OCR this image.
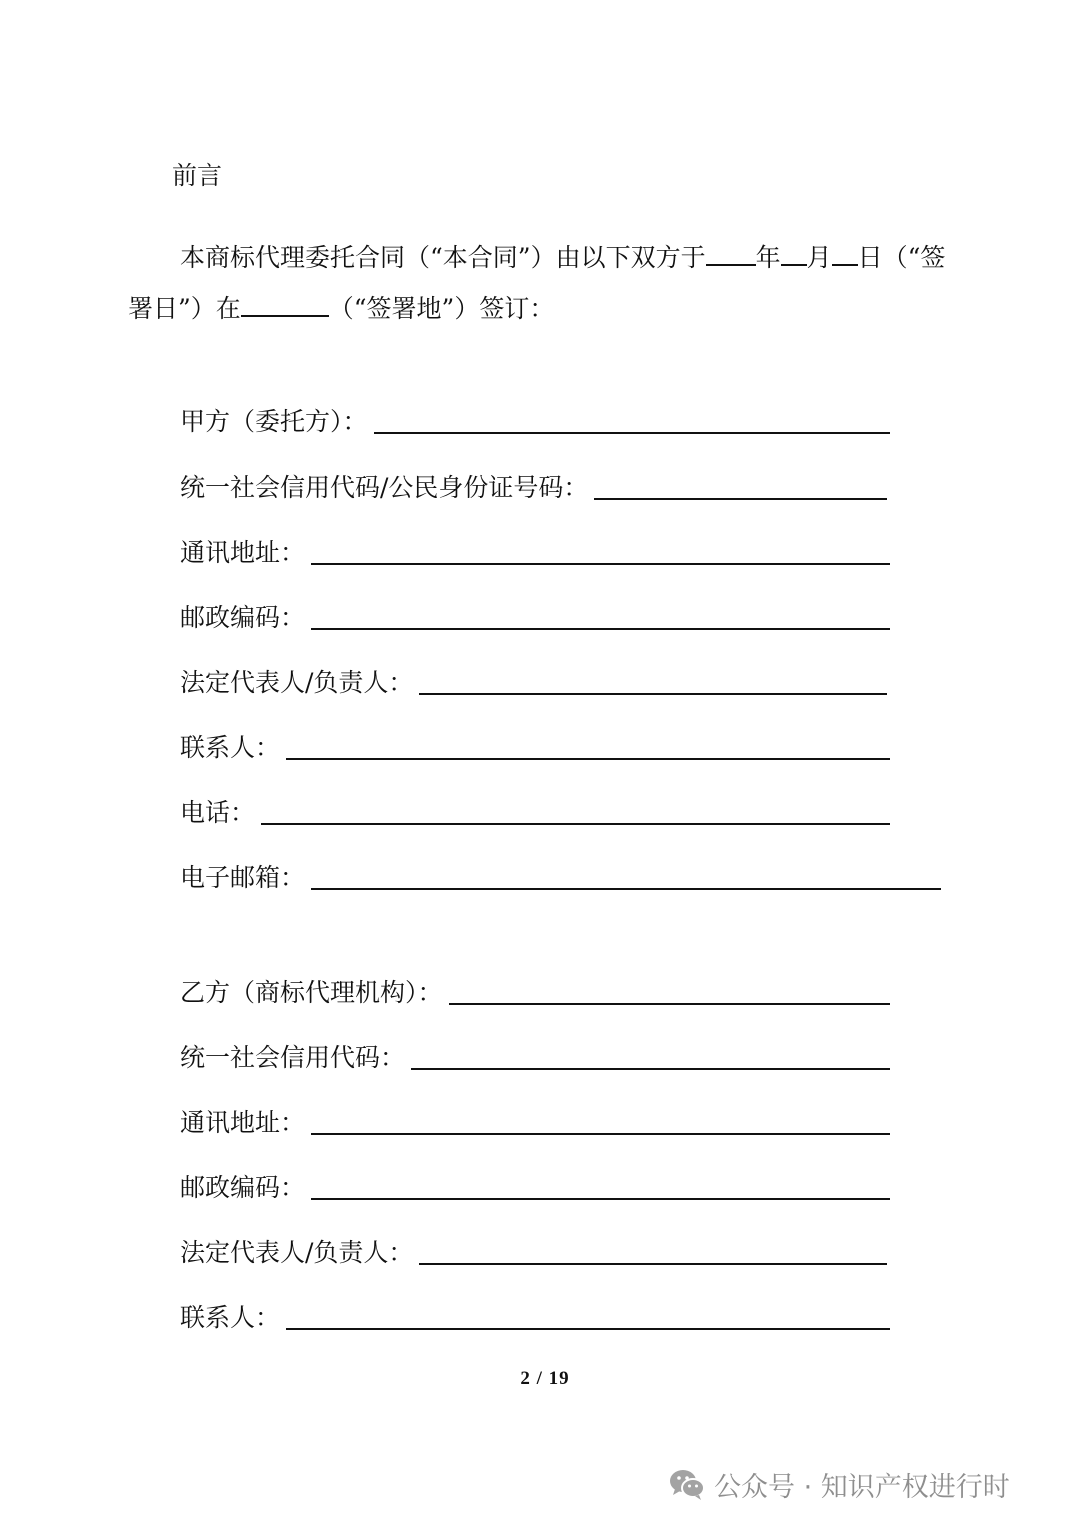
前言
本商标代理委托合同（“本合同”）由以下双方于 年 月 日（“签
署日”）在	（“签署地”）签订：
甲方（委托方）：
统一社会信用代码/公民身份证号码：
通讯地址：
邮政编码：
法定代表人/负责人：
联系人：
电话：
电子邮箱：
乙方（商标代理机构）：
统一社会信用代码：
通讯地址：
邮政编码：
法定代表人/负责人：
联系人：
2 / 19
公众号 · 知识产权进行时
